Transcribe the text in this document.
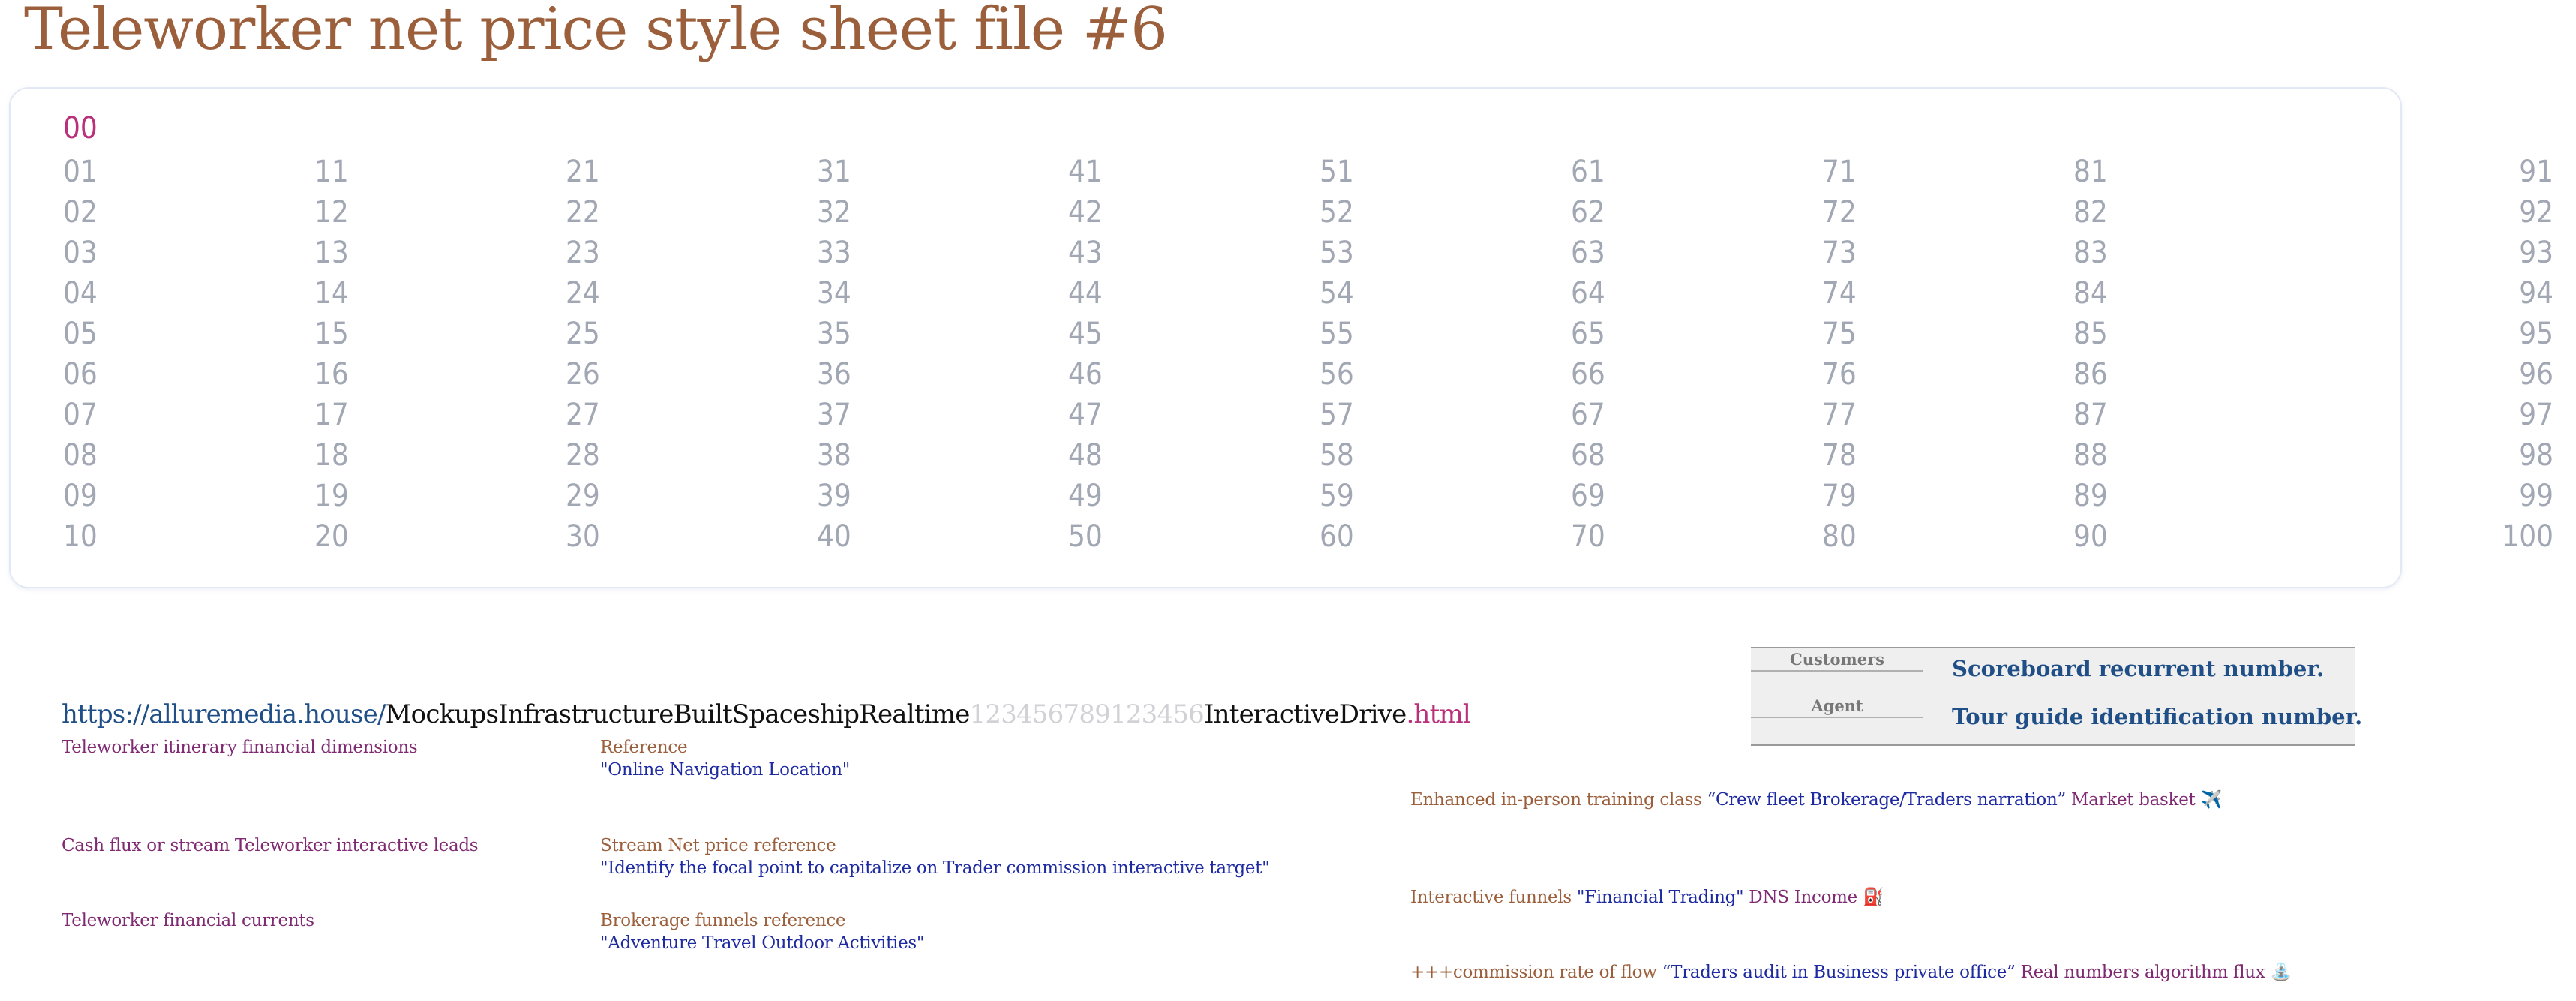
Teleworker net price style sheet file #6
00
01
02
03
04
05
06
07
08
09
10
11
12
13
14
15
16
17
18
19
20
21
22
23
24
25
26
27
28
29
30
31
32
33
34
35
36
37
38
39
40
41
42
43
44
45
46
47
48
49
50
51
52
53
54
55
56
57
58
59
60
61
62
63
64
65
66
67
68
69
70
71
72
73
74
75
76
77
78
79
80
81
82
83
84
85
86
87
88
89
90
91
92
93
94
95
96
97
98
99
100
https://alluremedia.house/MockupsInfrastructureBuiltSpaceshipRealtime123456789123456InteractiveDrive.html
Teleworker itinerary financial dimensions
Cash flux or stream Teleworker interactive leads
Teleworker financial currents
Reference
"Online Navigation Location"
Stream Net price reference
"Identify the focal point to capitalize on Trader commission interactive target"
Brokerage funnels reference
"Adventure Travel Outdoor Activities"
Customers	Scoreboard recurrent number.
Agent	Tour guide identification number.
Enhanced in-person training class “Crew fleet Brokerage/Traders narration” Market basket ✈️
Interactive funnels "Financial Trading" DNS Income ⛽
+++commission rate of flow “Traders audit in Business private office” Real numbers algorithm flux ⛲
